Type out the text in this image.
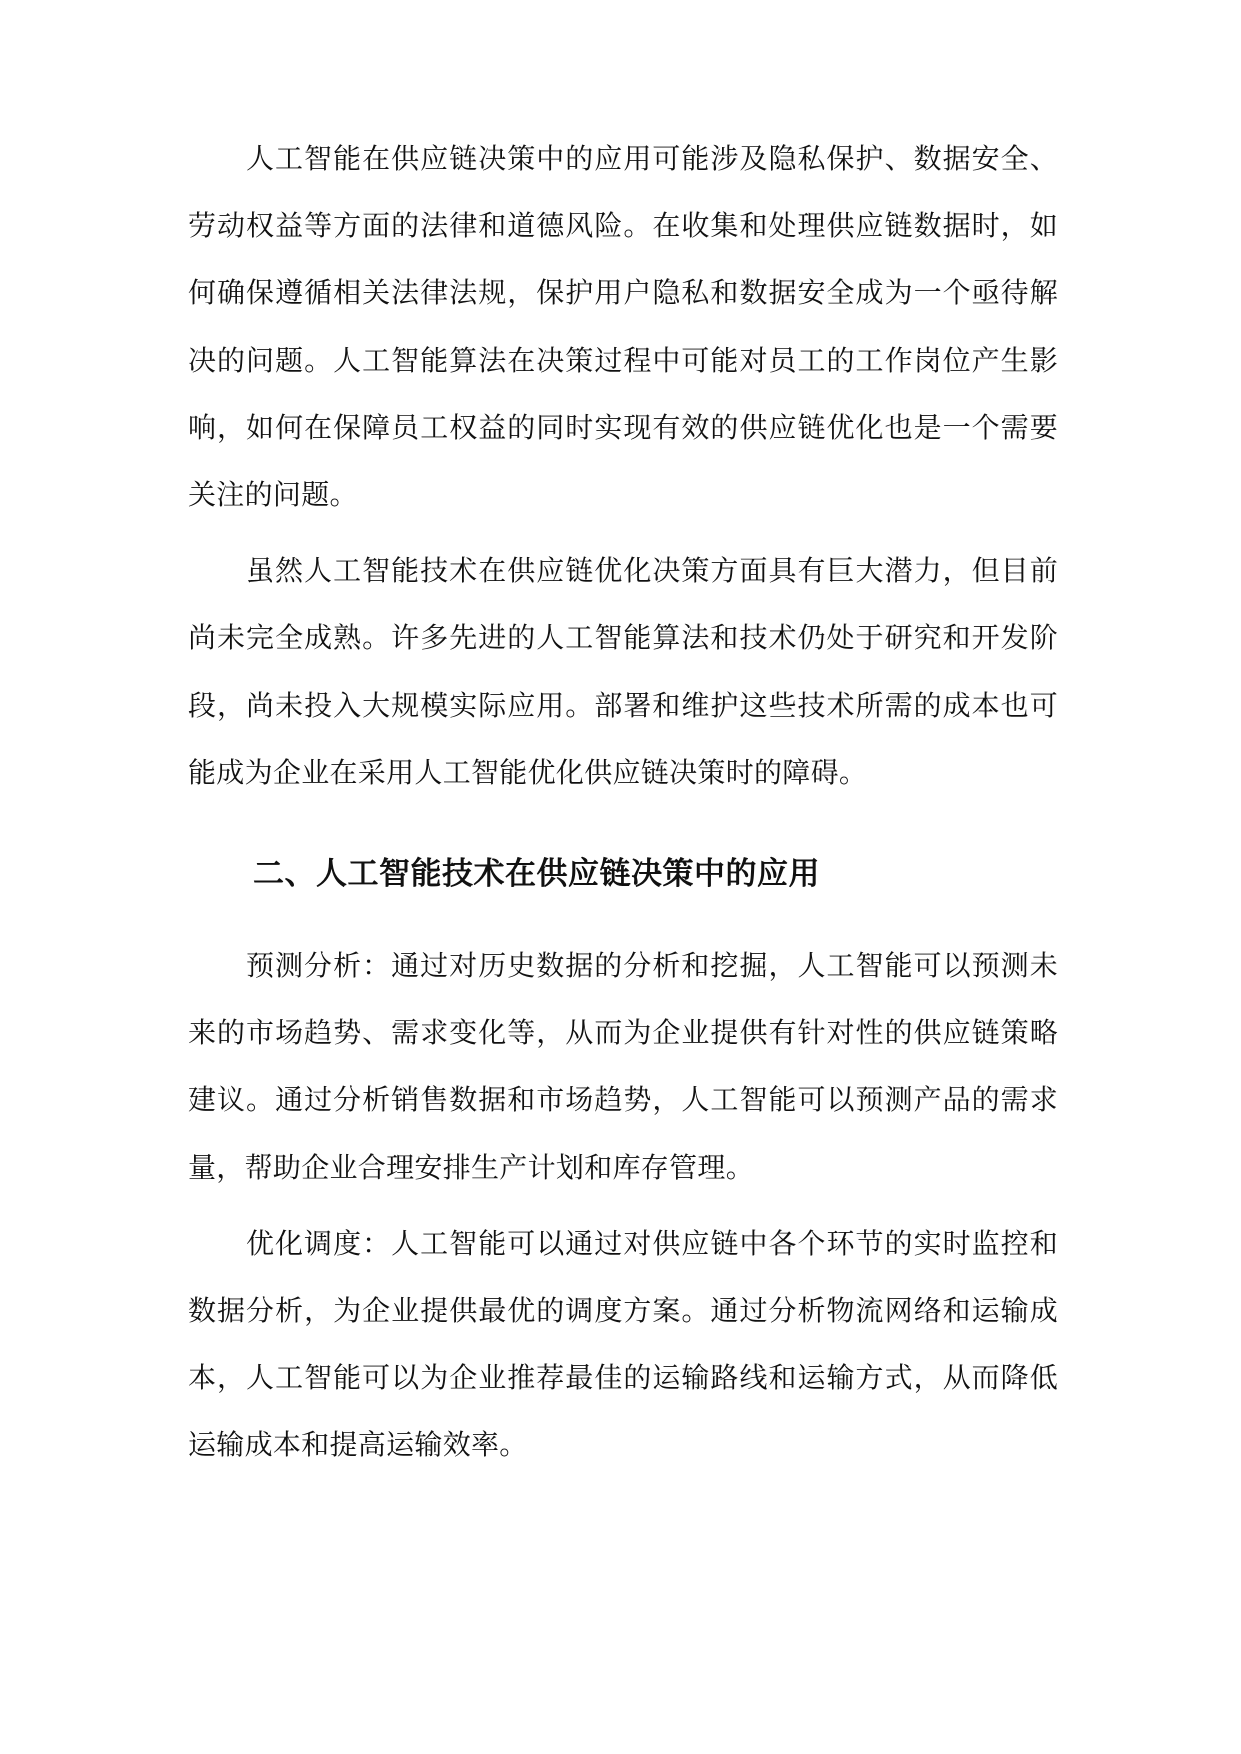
人工智能在供应链决策中的应用可能涉及隐私保护、数据安全、劳动权益等方面的法律和道德风险。在收集和处理供应链数据时，如何确保遵循相关法律法规，保护用户隐私和数据安全成为一个亟待解决的问题。人工智能算法在决策过程中可能对员工的工作岗位产生影响，如何在保障员工权益的同时实现有效的供应链优化也是一个需要关注的问题。

虽然人工智能技术在供应链优化决策方面具有巨大潜力，但目前尚未完全成熟。许多先进的人工智能算法和技术仍处于研究和开发阶段，尚未投入大规模实际应用。部署和维护这些技术所需的成本也可能成为企业在采用人工智能优化供应链决策时的障碍。

二、人工智能技术在供应链决策中的应用

预测分析：通过对历史数据的分析和挖掘，人工智能可以预测未来的市场趋势、需求变化等，从而为企业提供有针对性的供应链策略建议。通过分析销售数据和市场趋势，人工智能可以预测产品的需求量，帮助企业合理安排生产计划和库存管理。

优化调度：人工智能可以通过对供应链中各个环节的实时监控和数据分析，为企业提供最优的调度方案。通过分析物流网络和运输成本，人工智能可以为企业推荐最佳的运输路线和运输方式，从而降低运输成本和提高运输效率。
